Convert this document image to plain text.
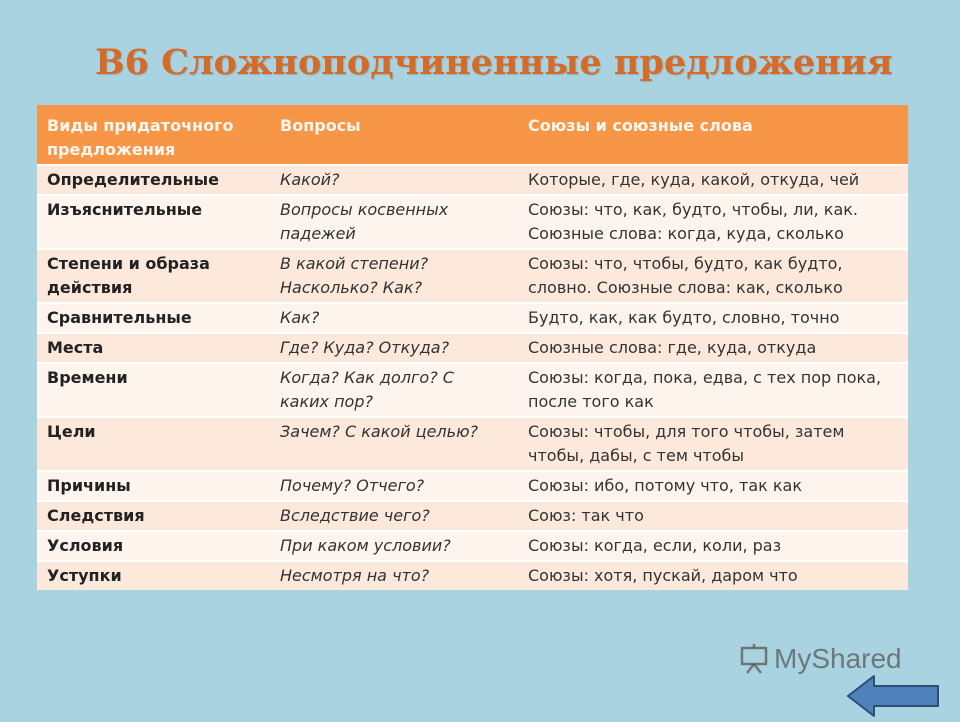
В6 Сложноподчиненные предложения
Виды придаточного предложения	Вопросы	Союзы и союзные слова
Определительные	Какой?	Которые, где, куда, какой, откуда, чей
Изъяснительные	Вопросы косвенных падежей	Союзы: что, как, будто, чтобы, ли, как. Союзные слова: когда, куда, сколько
Степени и образа действия	В какой степени? Насколько? Как?	Союзы: что, чтобы, будто, как будто, словно. Союзные слова: как, сколько
Сравнительные	Как?	Будто, как, как будто, словно, точно
Места	Где? Куда? Откуда?	Союзные слова: где, куда, откуда
Времени	Когда? Как долго? С каких пор?	Союзы: когда, пока, едва, с тех пор пока, после того как
Цели	Зачем? С какой целью?	Союзы: чтобы, для того чтобы, затем чтобы, дабы, с тем чтобы
Причины	Почему? Отчего?	Союзы: ибо, потому что, так как
Следствия	Вследствие чего?	Союз: так что
Условия	При каком условии?	Союзы: когда, если, коли, раз
Уступки	Несмотря на что?	Союзы: хотя, пускай, даром что
MyShared
